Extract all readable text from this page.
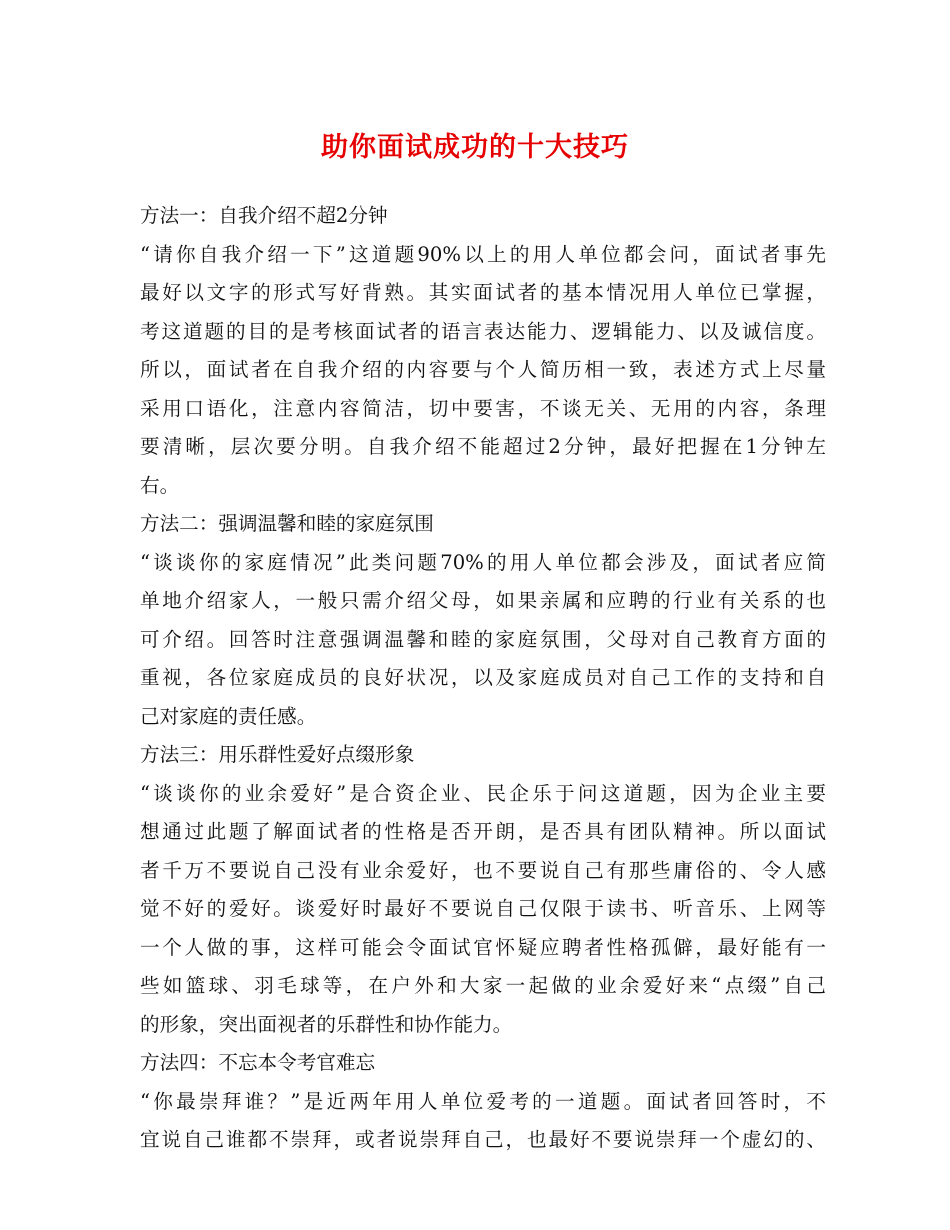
助你面试成功的十大技巧

方法一：自我介绍不超2分钟

“请你自我介绍一下”这道题90%以上的用人单位都会问，面试者事先

最好以文字的形式写好背熟。其实面试者的基本情况用人单位已掌握，

考这道题的目的是考核面试者的语言表达能力、逻辑能力、以及诚信度。

所以，面试者在自我介绍的内容要与个人简历相一致，表述方式上尽量

采用口语化，注意内容简洁，切中要害，不谈无关、无用的内容，条理

要清晰，层次要分明。自我介绍不能超过2分钟，最好把握在1分钟左

右。

方法二：强调温馨和睦的家庭氛围

“谈谈你的家庭情况”此类问题70%的用人单位都会涉及，面试者应简

单地介绍家人，一般只需介绍父母，如果亲属和应聘的行业有关系的也

可介绍。回答时注意强调温馨和睦的家庭氛围，父母对自己教育方面的

重视，各位家庭成员的良好状况，以及家庭成员对自己工作的支持和自

己对家庭的责任感。

方法三：用乐群性爱好点缀形象

“谈谈你的业余爱好”是合资企业、民企乐于问这道题，因为企业主要

想通过此题了解面试者的性格是否开朗，是否具有团队精神。所以面试

者千万不要说自己没有业余爱好，也不要说自己有那些庸俗的、令人感

觉不好的爱好。谈爱好时最好不要说自己仅限于读书、听音乐、上网等

一个人做的事，这样可能会令面试官怀疑应聘者性格孤僻，最好能有一

些如篮球、羽毛球等，在户外和大家一起做的业余爱好来“点缀”自己

的形象，突出面视者的乐群性和协作能力。

方法四：不忘本令考官难忘

“你最崇拜谁？”是近两年用人单位爱考的一道题。面试者回答时，不

宜说自己谁都不崇拜，或者说崇拜自己，也最好不要说崇拜一个虚幻的、
